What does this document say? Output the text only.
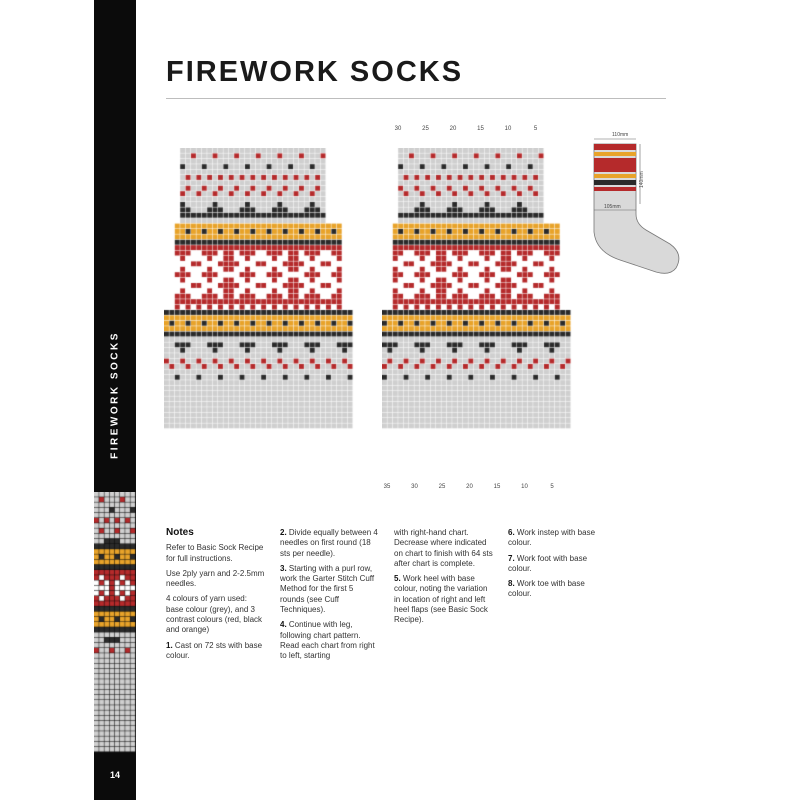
FIREWORK SOCKS
14
FIREWORK SOCKS
30	25	20	15	10	5
35	30	25	20	15	10	5
110mm
105mm
140mm
Notes

Refer to Basic Sock Recipe for full instructions.

Use 2ply yarn and 2-2.5mm needles.

4 colours of yarn used: base colour (grey), and 3 contrast colours (red, black and orange)

1. Cast on 72 sts with base colour.

2. Divide equally between 4 needles on first round (18 sts per needle).

3. Starting with a purl row, work the Garter Stitch Cuff Method for the first 5 rounds (see Cuff Techniques).

4. Continue with leg, following chart pattern. Read each chart from right to left, starting

with right-hand chart. Decrease where indicated on chart to finish with 64 sts after chart is complete.

5. Work heel with base colour, noting the variation in location of right and left heel flaps (see Basic Sock Recipe).

6. Work instep with base colour.

7. Work foot with base colour.

8. Work toe with base colour.
